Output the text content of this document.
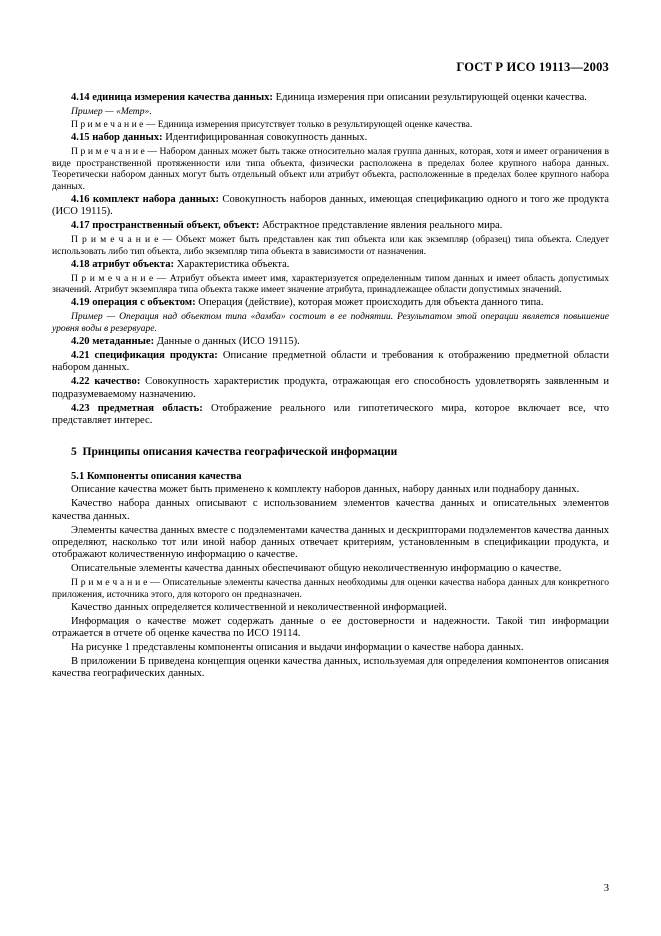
ГОСТ Р ИСО 19113—2003

4.14 единица измерения качества данных: Единица измерения при описании результирующей оценки качества.

Пример — «Метр».

П р и м е ч а н и е — Единица измерения присутствует только в результирующей оценке качества.

4.15 набор данных: Идентифицированная совокупность данных.

П р и м е ч а н и е — Набором данных может быть также относительно малая группа данных, которая, хотя и имеет ограничения в виде пространственной протяженности или типа объекта, физически расположена в пределах более крупного набора данных. Теоретически набором данных могут быть отдельный объект или атрибут объекта, расположенные в пределах более крупного набора данных.

4.16 комплект набора данных: Совокупность наборов данных, имеющая спецификацию одного и того же продукта (ИСО 19115).

4.17 пространственный объект, объект: Абстрактное представление явления реального мира.

П р и м е ч а н и е — Объект может быть представлен как тип объекта или как экземпляр (образец) типа объекта. Следует использовать либо тип объекта, либо экземпляр типа объекта в зависимости от назначения.

4.18 атрибут объекта: Характеристика объекта.

П р и м е ч а н и е — Атрибут объекта имеет имя, характеризуется определенным типом данных и имеет область допустимых значений. Атрибут экземпляра типа объекта также имеет значение атрибута, принадлежащее области допустимых значений.

4.19 операция с объектом: Операция (действие), которая может происходить для объекта данного типа.

Пример — Операция над объектом типа «дамба» состоит в ее поднятии. Результатом этой операции является повышение уровня воды в резервуаре.

4.20 метаданные: Данные о данных (ИСО 19115).

4.21 спецификация продукта: Описание предметной области и требования к отображению предметной области набором данных.

4.22 качество: Совокупность характеристик продукта, отражающая его способность удовлетворять заявленным и подразумеваемому назначению.

4.23 предметная область: Отображение реального или гипотетического мира, которое включает все, что представляет интерес.

5  Принципы описания качества географической информации
5.1 Компоненты описания качества

Описание качества может быть применено к комплекту наборов данных, набору данных или поднабору данных.

Качество набора данных описывают с использованием элементов качества данных и описательных элементов качества данных.

Элементы качества данных вместе с подэлементами качества данных и дескрипторами подэлементов качества данных определяют, насколько тот или иной набор данных отвечает критериям, установленным в спецификации продукта, и отображают количественную информацию о качестве.

Описательные элементы качества данных обеспечивают общую неколичественную информацию о качестве.

П р и м е ч а н и е — Описательные элементы качества данных необходимы для оценки качества набора данных для конкретного приложения, источника этого, для которого он предназначен.

Качество данных определяется количественной и неколичественной информацией.

Информация о качестве может содержать данные о ее достоверности и надежности. Такой тип информации отражается в отчете об оценке качества по ИСО 19114.

На рисунке 1 представлены компоненты описания и выдачи информации о качестве набора данных.

В приложении Б приведена концепция оценки качества данных, используемая для определения компонентов описания качества географических данных.

3
